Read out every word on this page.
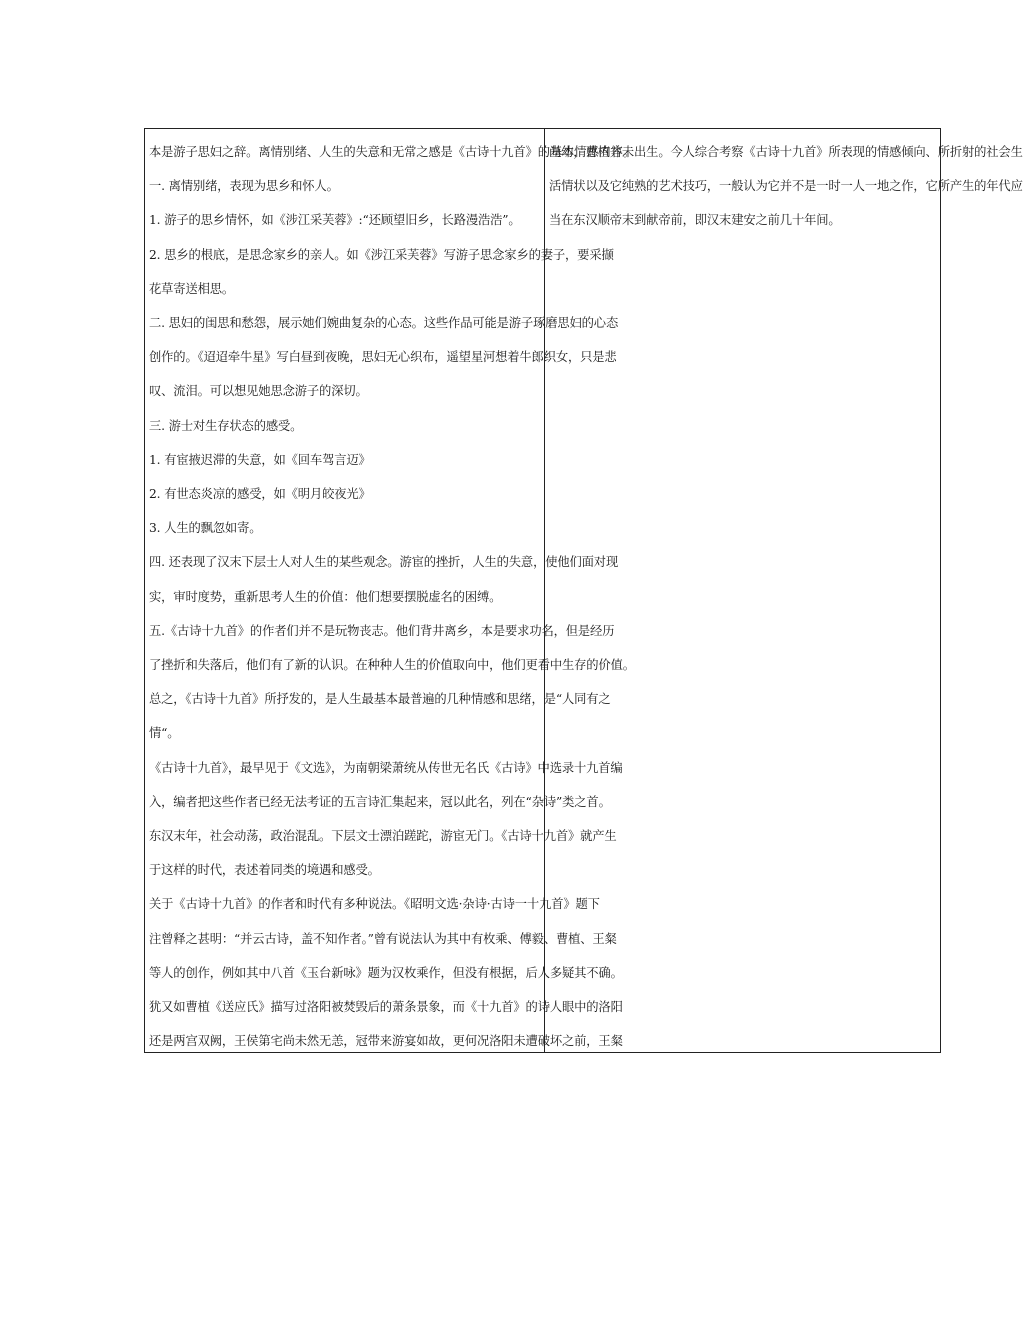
本是游子思妇之辞。离情别绪、人生的失意和无常之感是《古诗十九首》的基本情感内容。
一. 离情别绪，表现为思乡和怀人。
1. 游子的思乡情怀，如《涉江采芙蓉》:“还顾望旧乡，长路漫浩浩”。
2. 思乡的根底，是思念家乡的亲人。如《涉江采芙蓉》写游子思念家乡的妻子，要采撷
花草寄送相思。
二. 思妇的闺思和愁怨，展示她们婉曲复杂的心态。这些作品可能是游子琢磨思妇的心态
创作的。《迢迢牵牛星》写白昼到夜晚，思妇无心织布，遥望星河想着牛郎织女，只是悲
叹、流泪。可以想见她思念游子的深切。
三. 游士对生存状态的感受。
1. 有宦掖迟滞的失意，如《回车驾言迈》
2. 有世态炎凉的感受，如《明月皎夜光》
3. 人生的飘忽如寄。
四. 还表现了汉末下层士人对人生的某些观念。游宦的挫折，人生的失意，使他们面对现
实，审时度势，重新思考人生的价值：他们想要摆脱虚名的困缚。
五.《古诗十九首》的作者们并不是玩物丧志。他们背井离乡，本是要求功名，但是经历
了挫折和失落后，他们有了新的认识。在种种人生的价值取向中，他们更看中生存的价值。
总之，《古诗十九首》所抒发的，是人生最基本最普遍的几种情感和思绪，是“人同有之
情“。
《古诗十九首》，最早见于《文选》，为南朝梁萧统从传世无名氏《古诗》中选录十九首编
入，编者把这些作者已经无法考证的五言诗汇集起来，冠以此名，列在“杂诗”类之首。
东汉末年，社会动荡，政治混乱。下层文士漂泊蹉跎，游宦无门。《古诗十九首》就产生
于这样的时代，表述着同类的境遇和感受。
关于《古诗十九首》的作者和时代有多种说法。《昭明文选·杂诗·古诗一十九首》题下
注曾释之甚明：“并云古诗，盖不知作者。”曾有说法认为其中有枚乘、傅毅、曹植、王粲
等人的创作，例如其中八首《玉台新咏》题为汉枚乘作，但没有根据，后人多疑其不确。
犹又如曹植《送应氏》描写过洛阳被焚毁后的萧条景象，而《十九首》的诗人眼中的洛阳
还是两宫双阙，王侯第宅尚未然无恙，冠带来游宴如故，更何况洛阳未遭破坏之前，王粲
尚幼，曹植并未出生。今人综合考察《古诗十九首》所表现的情感倾向、所折射的社会生
活情状以及它纯熟的艺术技巧，一般认为它并不是一时一人一地之作，它所产生的年代应
当在东汉顺帝末到献帝前，即汉末建安之前几十年间。
